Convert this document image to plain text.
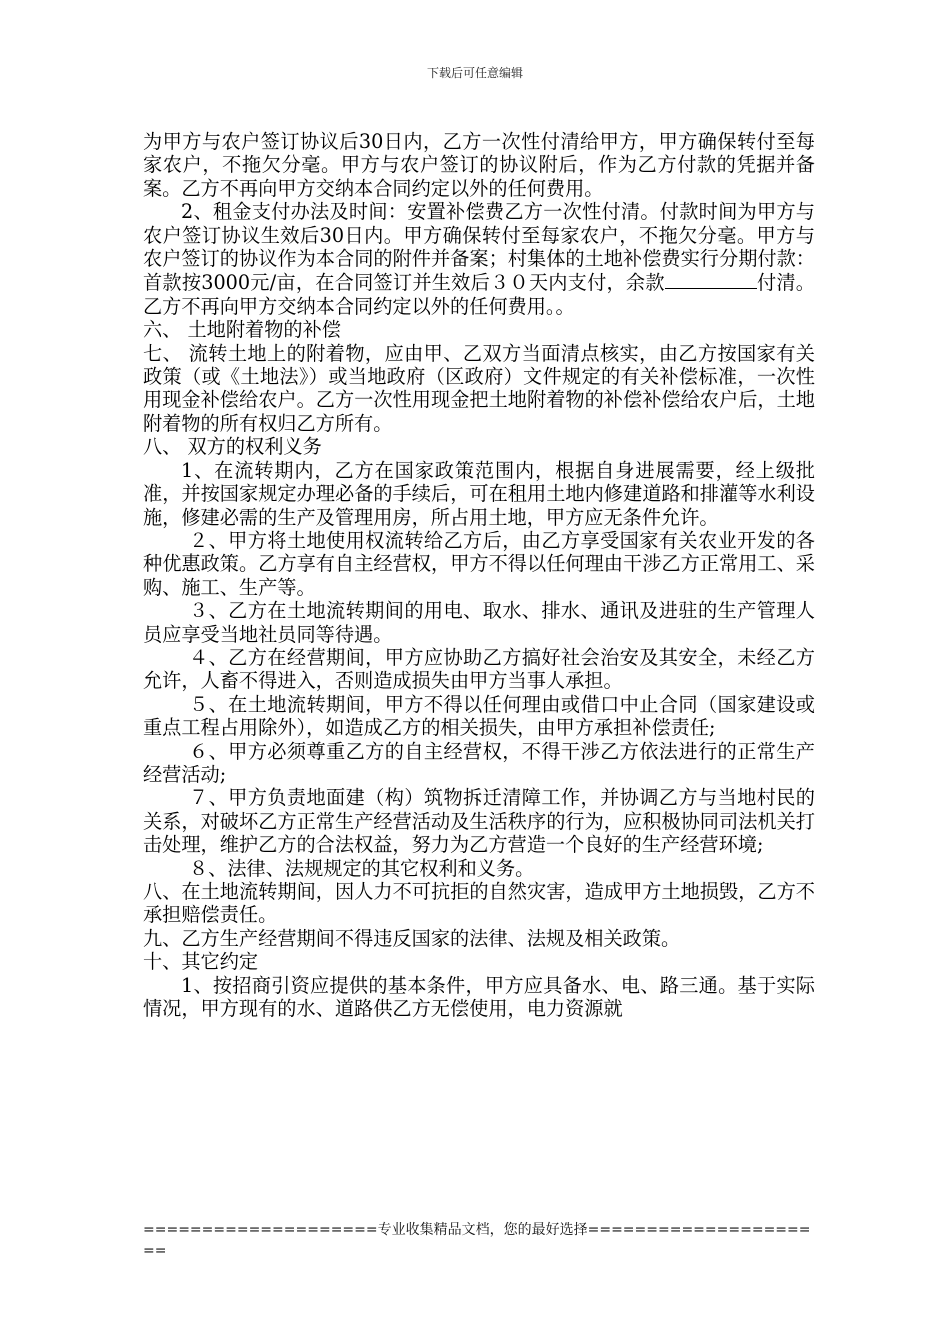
下载后可任意编辑

为甲方与农户签订协议后30日内，乙方一次性付清给甲方，甲方确保转付至每家农户，不拖欠分毫。甲方与农户签订的协议附后，作为乙方付款的凭据并备案。乙方不再向甲方交纳本合同约定以外的任何费用。

2、租金支付办法及时间：安置补偿费乙方一次性付清。付款时间为甲方与农户签订协议生效后30日内。甲方确保转付至每家农户，不拖欠分毫。甲方与农户签订的协议作为本合同的附件并备案；村集体的土地补偿费实行分期付款：首款按3000元/亩，在合同签订并生效后３０天内支付，余款	付清。乙方不再向甲方交纳本合同约定以外的任何费用。。

六、 土地附着物的补偿

七、 流转土地上的附着物，应由甲、乙双方当面清点核实，由乙方按国家有关政策（或《土地法》）或当地政府（区政府）文件规定的有关补偿标准，一次性用现金补偿给农户。乙方一次性用现金把土地附着物的补偿补偿给农户后，土地附着物的所有权归乙方所有。

八、 双方的权利义务

1、在流转期内，乙方在国家政策范围内，根据自身进展需要，经上级批准，并按国家规定办理必备的手续后，可在租用土地内修建道路和排灌等水利设施，修建必需的生产及管理用房，所占用土地，甲方应无条件允许。

２、甲方将土地使用权流转给乙方后，由乙方享受国家有关农业开发的各种优惠政策。乙方享有自主经营权，甲方不得以任何理由干涉乙方正常用工、采购、施工、生产等。

３、乙方在土地流转期间的用电、取水、排水、通讯及进驻的生产管理人员应享受当地社员同等待遇。

４、乙方在经营期间，甲方应协助乙方搞好社会治安及其安全，未经乙方允许，人畜不得进入，否则造成损失由甲方当事人承担。

５、在土地流转期间，甲方不得以任何理由或借口中止合同（国家建设或重点工程占用除外），如造成乙方的相关损失，由甲方承担补偿责任;

６、甲方必须尊重乙方的自主经营权，不得干涉乙方依法进行的正常生产经营活动;

７、甲方负责地面建（构）筑物拆迁清障工作，并协调乙方与当地村民的关系，对破坏乙方正常生产经营活动及生活秩序的行为，应积极协同司法机关打击处理，维护乙方的合法权益，努力为乙方营造一个良好的生产经营环境;

８、法律、法规规定的其它权利和义务。

八、在土地流转期间，因人力不可抗拒的自然灾害，造成甲方土地损毁，乙方不承担赔偿责任。

九、乙方生产经营期间不得违反国家的法律、法规及相关政策。

十、其它约定

1、按招商引资应提供的基本条件，甲方应具备水、电、路三通。基于实际情况，甲方现有的水、道路供乙方无偿使用，电力资源就

====================专业收集精品文档，您的最好选择=====================
